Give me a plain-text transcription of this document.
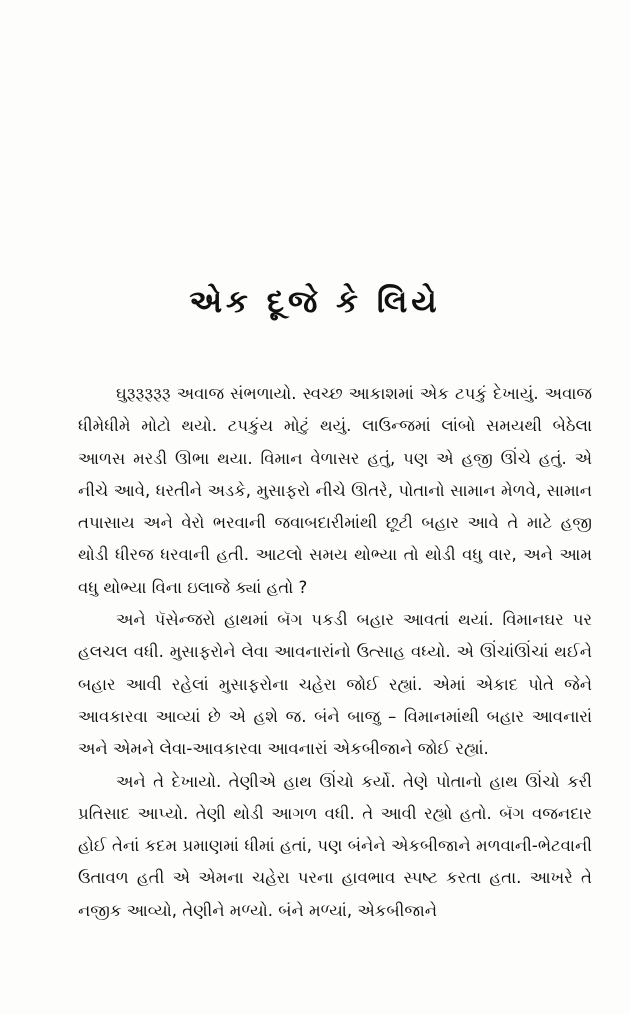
એક દૂજે કે લિયે

ઘુરૂરૂરૂરૂરૂ અવાજ સંભળાયો. સ્વચ્છ આકાશમાં એક ટપકું દેખાયું. અવાજ ધીમેધીમે મોટો થયો. ટપકુંય મોટું થયું. લાઉન્જમાં લાંબો સમયથી બેઠેલા આળસ મરડી ઊભા થયા. વિમાન વેળાસર હતું, પણ એ હજી ઊંચે હતું. એ નીચે આવે, ધરતીને અડકે, મુસાફરો નીચે ઊતરે, પોતાનો સામાન મેળવે, સામાન તપાસાય અને વેરો ભરવાની જવાબદારીમાંથી છૂટી બહાર આવે તે માટે હજી થોડી ધીરજ ધરવાની હતી. આટલો સમય થોભ્યા તો થોડી વધુ વાર, અને આમ વધુ થોભ્યા વિના ઇલાજે ક્યાં હતો ?

અને પૅસેન્જરો હાથમાં બૅગ પકડી બહાર આવતાં થયાં. વિમાનઘર પર હલચલ વધી. મુસાફરોને લેવા આવનારાંનો ઉત્સાહ વધ્યો. એ ઊંચાંઊંચાં થઈને બહાર આવી રહેલાં મુસાફરોના ચહેરા જોઈ રહ્યાં. એમાં એકાદ પોતે જેને આવકારવા આવ્યાં છે એ હશે જ. બંને બાજુ – વિમાનમાંથી બહાર આવનારાં અને એમને લેવા-આવકારવા આવનારાં એકબીજાને જોઈ રહ્યાં.

અને તે દેખાયો. તેણીએ હાથ ઊંચો કર્યો. તેણે પોતાનો હાથ ઊંચો કરી પ્રતિસાદ આપ્યો. તેણી થોડી આગળ વધી. તે આવી રહ્યો હતો. બૅગ વજનદાર હોઈ તેનાં કદમ પ્રમાણમાં ધીમાં હતાં, પણ બંનેને એકબીજાને મળવાની-ભેટવાની ઉતાવળ હતી એ એમના ચહેરા પરના હાવભાવ સ્પષ્ટ કરતા હતા. આખરે તે નજીક આવ્યો, તેણીને મળ્યો. બંને મળ્યાં, એકબીજાને
